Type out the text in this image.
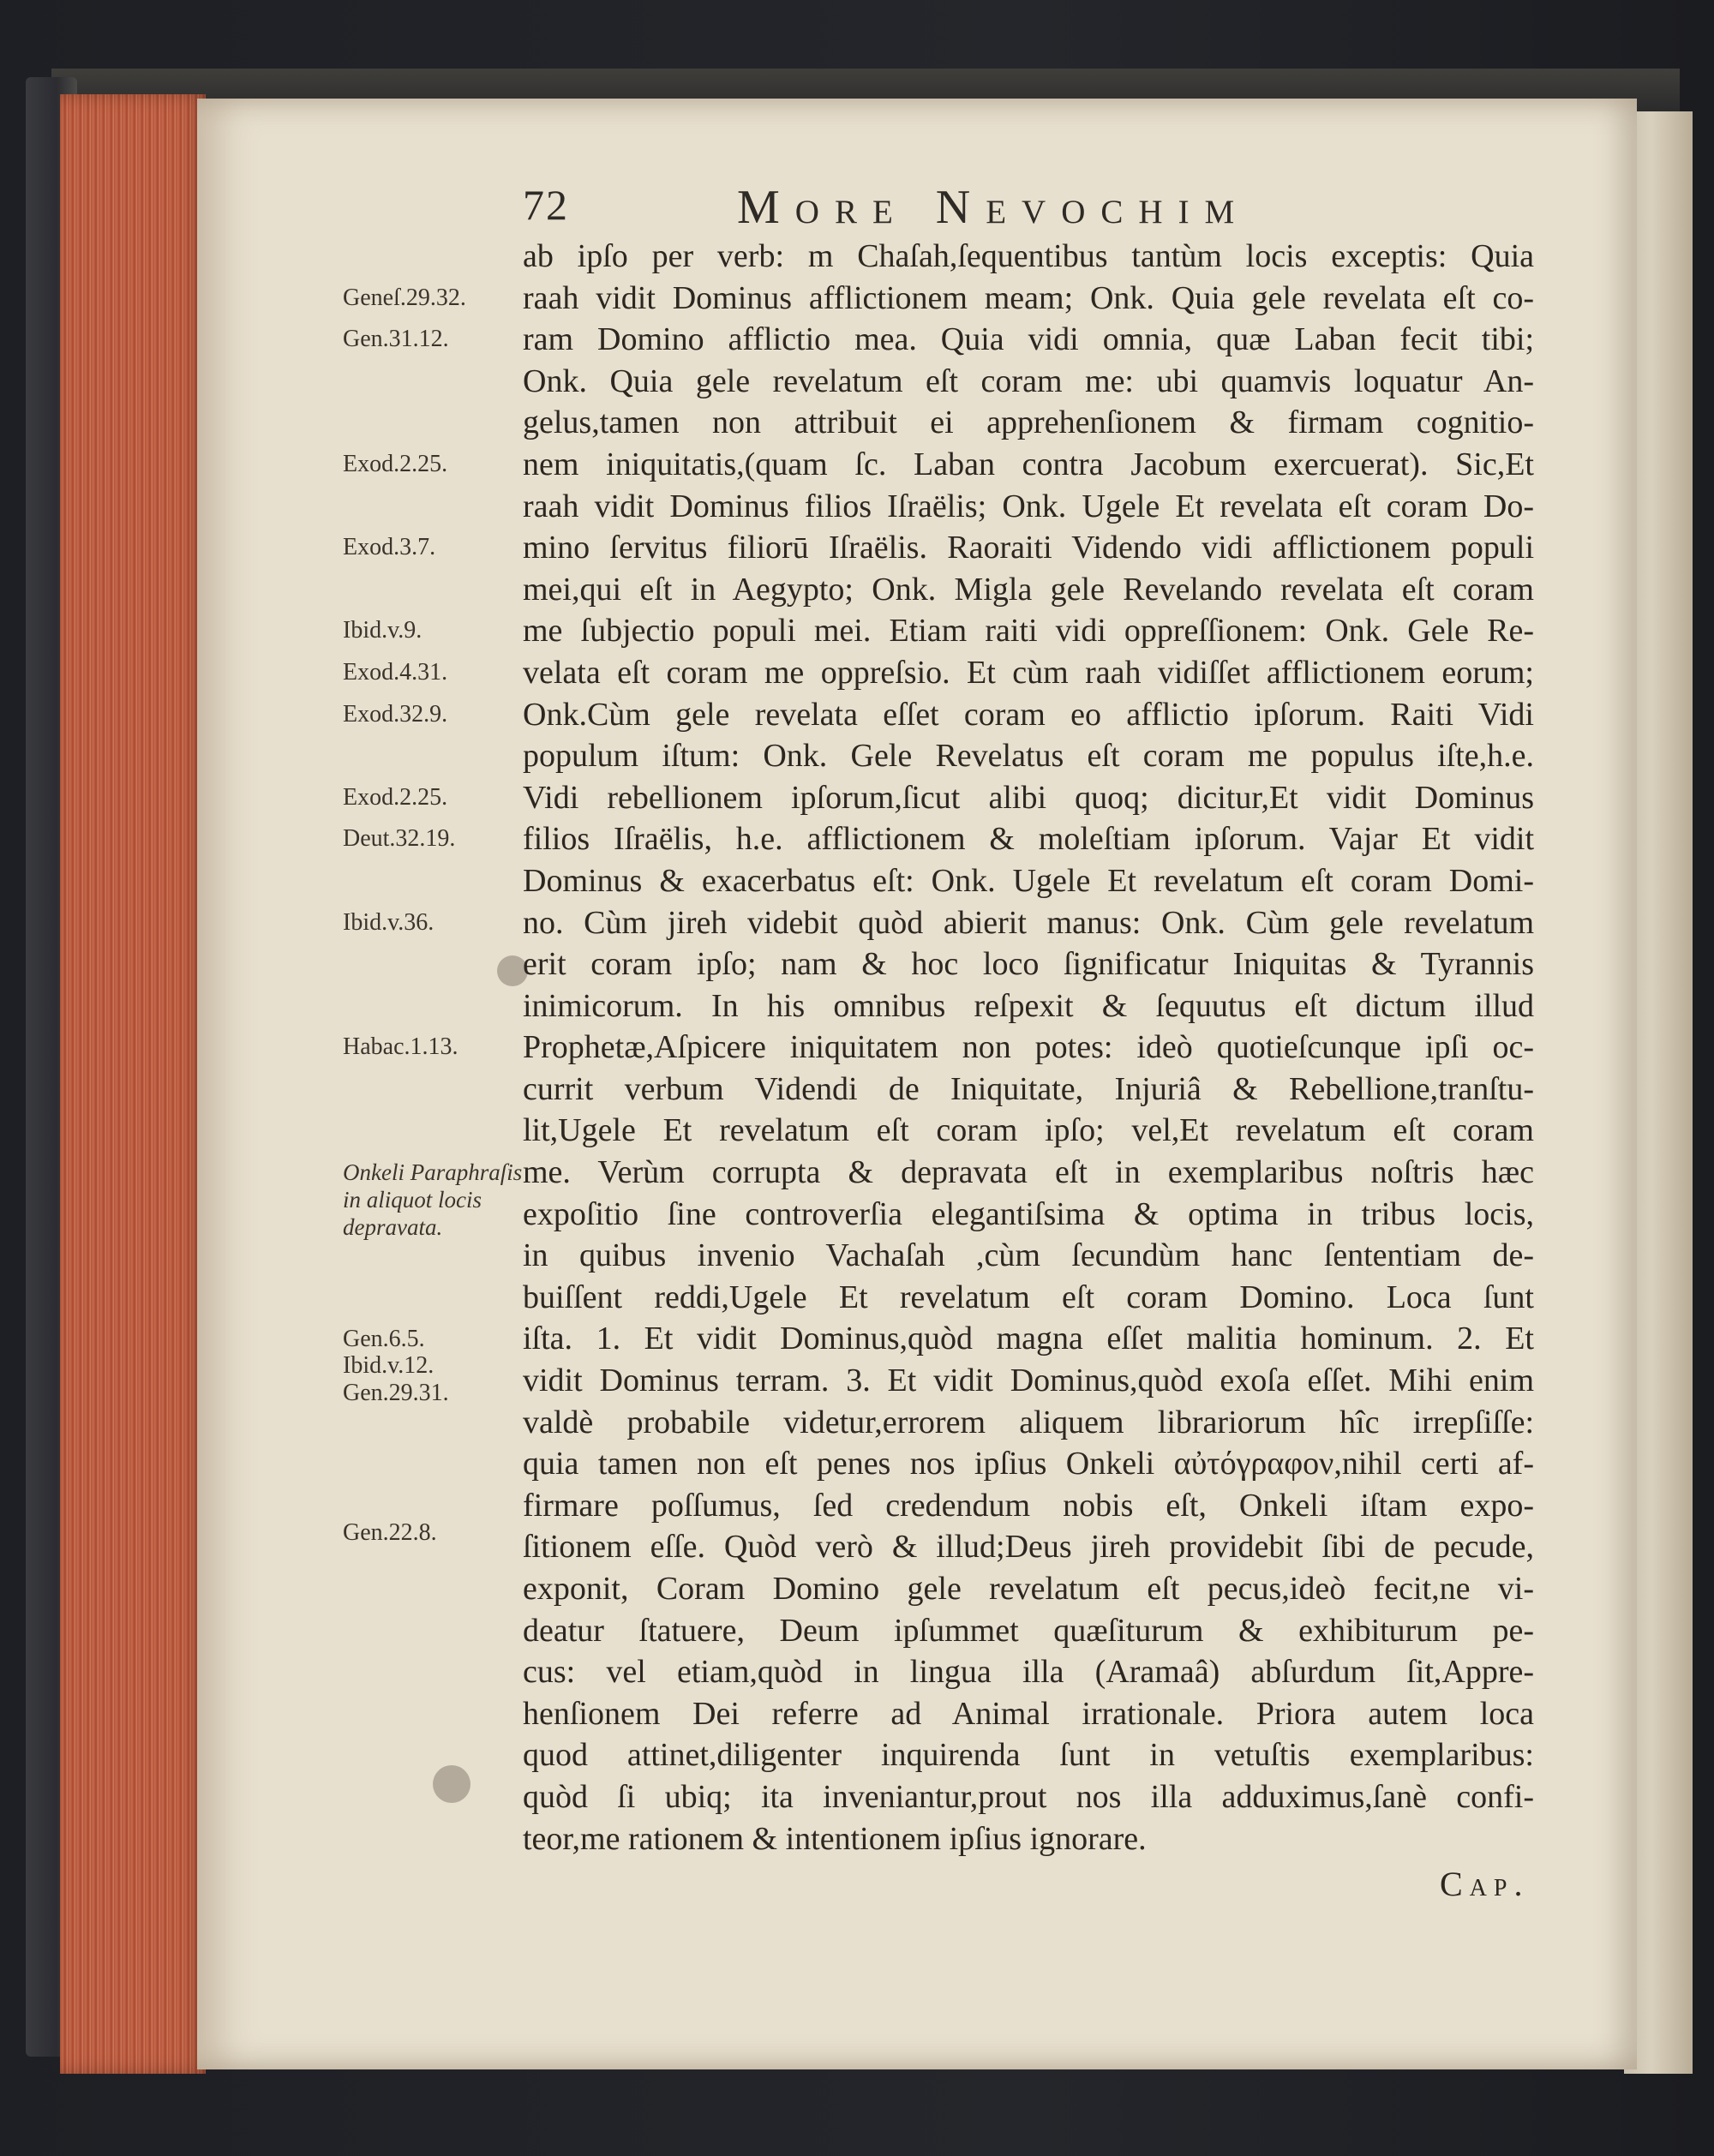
72	More Nevochim
Geneſ.29.32.
Gen.31.12.
Exod.2.25.
Exod.3.7.
Ibid.v.9.
Exod.4.31.
Exod.32.9.
Exod.2.25.
Deut.32.19.
Ibid.v.36.
Habac.1.13.
Onkeli Paraphraſis in aliquot locis depravata.
Gen.6.5.
Ibid.v.12.
Gen.29.31.
Gen.22.8.
ab ipſo per verb: m Chaſah,ſequentibus tantùm locis exceptis: Quia
raah vidit Dominus afflictionem meam; Onk. Quia gele revelata eſt co-
ram Domino afflictio mea. Quia vidi omnia, quæ Laban fecit tibi;
Onk. Quia gele revelatum eſt coram me: ubi quamvis loquatur An-
gelus,tamen non attribuit ei apprehenſionem & firmam cognitio-
nem iniquitatis,(quam ſc. Laban contra Jacobum exercuerat). Sic,Et
raah vidit Dominus filios Iſraëlis; Onk. Ugele Et revelata eſt coram Do-
mino ſervitus filiorū Iſraëlis. Raoraiti Videndo vidi afflictionem populi
mei,qui eſt in Aegypto; Onk. Migla gele Revelando revelata eſt coram
me ſubjectio populi mei. Etiam raiti vidi oppreſſionem: Onk. Gele Re-
velata eſt coram me oppreſsio. Et cùm raah vidiſſet afflictionem eorum;
Onk.Cùm gele revelata eſſet coram eo afflictio ipſorum. Raiti Vidi
populum iſtum: Onk. Gele Revelatus eſt coram me populus iſte,h.e.
Vidi rebellionem ipſorum,ſicut alibi quoq; dicitur,Et vidit Dominus
filios Iſraëlis, h.e. afflictionem & moleſtiam ipſorum. Vajar Et vidit
Dominus & exacerbatus eſt: Onk. Ugele Et revelatum eſt coram Domi-
no. Cùm jireh videbit quòd abierit manus: Onk. Cùm gele revelatum
erit coram ipſo; nam & hoc loco ſignificatur Iniquitas & Tyrannis
inimicorum. In his omnibus reſpexit & ſequutus eſt dictum illud
Prophetæ,Aſpicere iniquitatem non potes: ideò quotieſcunque ipſi oc-
currit verbum Videndi de Iniquitate, Injuriâ & Rebellione,tranſtu-
lit,Ugele Et revelatum eſt coram ipſo; vel,Et revelatum eſt coram
me. Verùm corrupta & depravata eſt in exemplaribus noſtris hæc
expoſitio ſine controverſia elegantiſsima & optima in tribus locis,
in quibus invenio Vachaſah ,cùm ſecundùm hanc ſententiam de-
buiſſent reddi,Ugele Et revelatum eſt coram Domino. Loca ſunt
iſta. 1. Et vidit Dominus,quòd magna eſſet malitia hominum. 2. Et
vidit Dominus terram. 3. Et vidit Dominus,quòd exoſa eſſet. Mihi enim
valdè probabile videtur,errorem aliquem librariorum hîc irrepſiſſe:
quia tamen non eſt penes nos ipſius Onkeli αὐτόγραφον,nihil certi af-
firmare poſſumus, ſed credendum nobis eſt, Onkeli iſtam expo-
ſitionem eſſe. Quòd verò & illud;Deus jireh providebit ſibi de pecude,
exponit, Coram Domino gele revelatum eſt pecus,ideò fecit,ne vi-
deatur ſtatuere, Deum ipſummet quæſiturum & exhibiturum pe-
cus: vel etiam,quòd in lingua illa (Aramaâ) abſurdum ſit,Appre-
henſionem Dei referre ad Animal irrationale. Priora autem loca
quod attinet,diligenter inquirenda ſunt in vetuſtis exemplaribus:
quòd ſi ubiq; ita inveniantur,prout nos illa adduximus,ſanè confi-
teor,me rationem & intentionem ipſius ignorare.
Cap.
